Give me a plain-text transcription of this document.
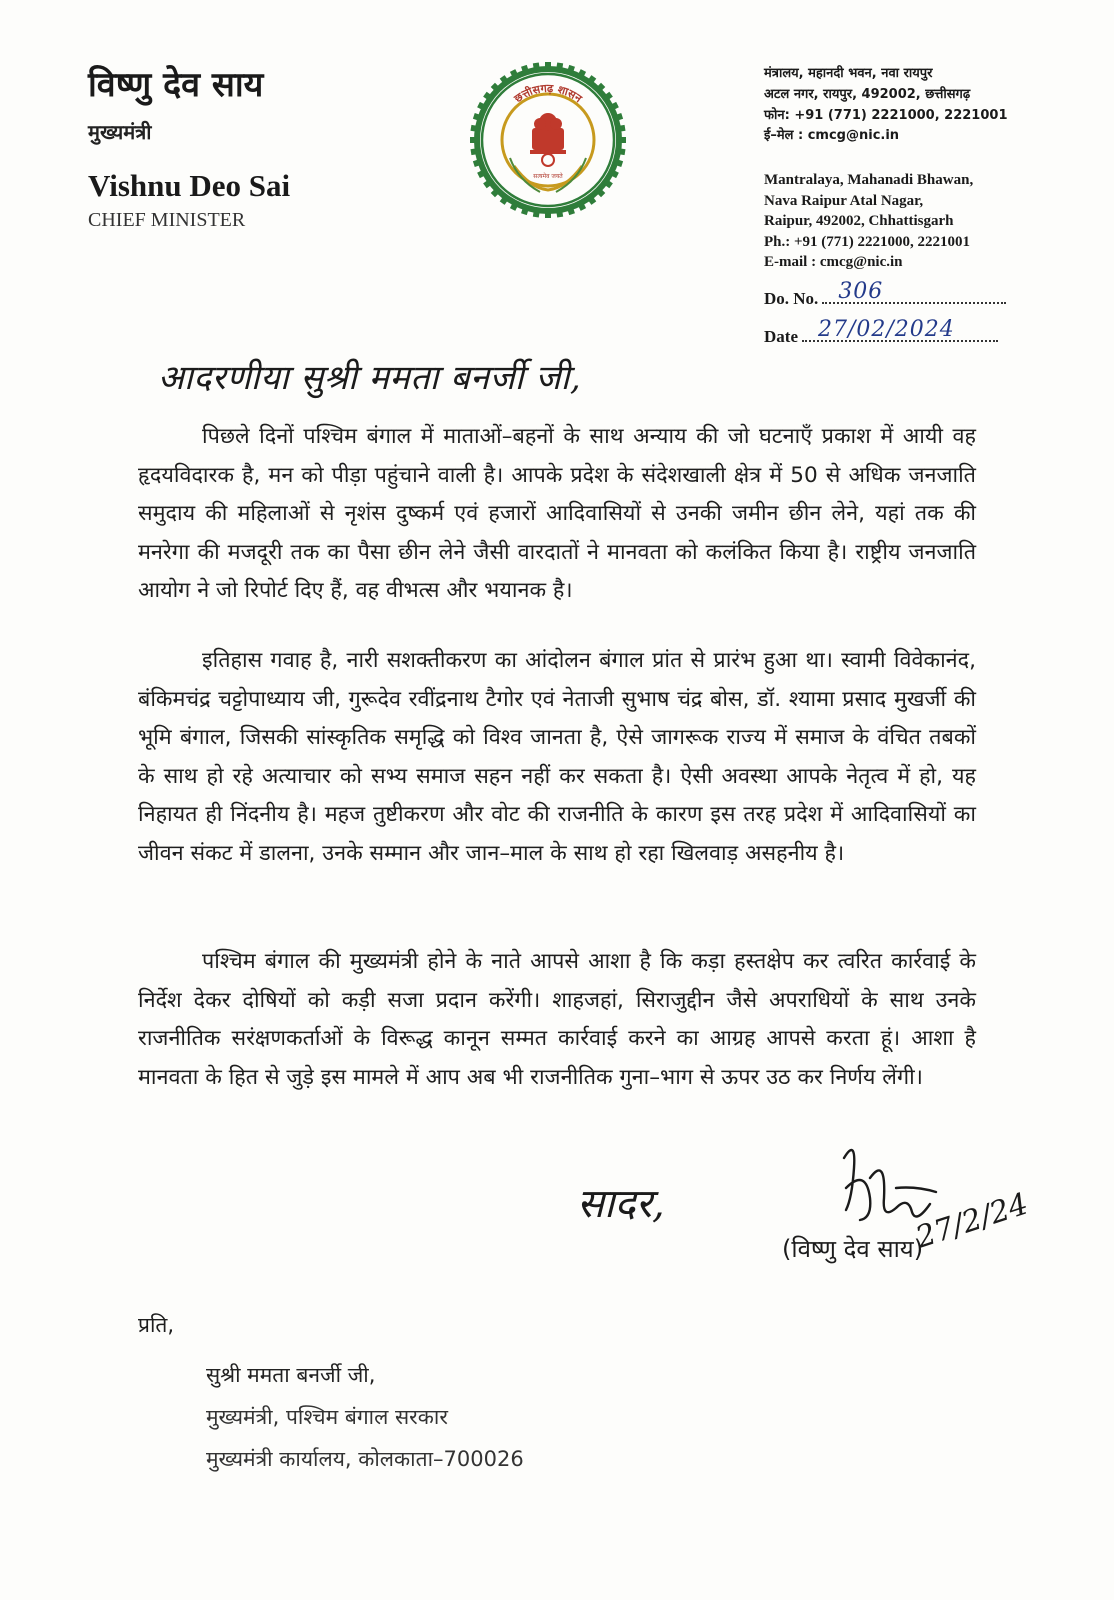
विष्णु देव साय
मुख्यमंत्री
Vishnu Deo Sai
CHIEF MINISTER
छत्तीसगढ़ शासन
सत्यमेव जयते
मंत्रालय, महानदी भवन, नवा रायपुर
अटल नगर, रायपुर, 492002, छत्तीसगढ़
फोन: +91 (771) 2221000, 2221001
ई–मेल : cmcg@nic.in
Mantralaya, Mahanadi Bhawan,
Nava Raipur Atal Nagar,
Raipur, 492002, Chhattisgarh
Ph.: +91 (771) 2221000, 2221001
E-mail : cmcg@nic.in
Do. No. 306
Date 27/02/2024
आदरणीया सुश्री ममता बनर्जी जी,
पिछले दिनों पश्चिम बंगाल में माताओं–बहनों के साथ अन्याय की जो घटनाएँ प्रकाश में आयी वह हृदयविदारक है, मन को पीड़ा पहुंचाने वाली है। आपके प्रदेश के संदेशखाली क्षेत्र में 50 से अधिक जनजाति समुदाय की महिलाओं से नृशंस दुष्कर्म एवं हजारों आदिवासियों से उनकी जमीन छीन लेने, यहां तक की मनरेगा की मजदूरी तक का पैसा छीन लेने जैसी वारदातों ने मानवता को कलंकित किया है। राष्ट्रीय जनजाति आयोग ने जो रिपोर्ट दिए हैं, वह वीभत्स और भयानक है।
इतिहास गवाह है, नारी सशक्तीकरण का आंदोलन बंगाल प्रांत से प्रारंभ हुआ था। स्वामी विवेकानंद, बंकिमचंद्र चट्टोपाध्याय जी, गुरूदेव रवींद्रनाथ टैगोर एवं नेताजी सुभाष चंद्र बोस, डॉ. श्यामा प्रसाद मुखर्जी की भूमि बंगाल, जिसकी सांस्कृतिक समृद्धि को विश्व जानता है, ऐसे जागरूक राज्य में समाज के वंचित तबकों के साथ हो रहे अत्याचार को सभ्य समाज सहन नहीं कर सकता है। ऐसी अवस्था आपके नेतृत्व में हो, यह निहायत ही निंदनीय है। महज तुष्टीकरण और वोट की राजनीति के कारण इस तरह प्रदेश में आदिवासियों का जीवन संकट में डालना, उनके सम्मान और जान–माल के साथ हो रहा खिलवाड़ असहनीय है।
पश्चिम बंगाल की मुख्यमंत्री होने के नाते आपसे आशा है कि कड़ा हस्तक्षेप कर त्वरित कार्रवाई के निर्देश देकर दोषियों को कड़ी सजा प्रदान करेंगी। शाहजहां, सिराजुद्दीन जैसे अपराधियों के साथ उनके राजनीतिक सरंक्षणकर्ताओं के विरूद्ध कानून सम्मत कार्रवाई करने का आग्रह आपसे करता हूं। आशा है मानवता के हित से जुड़े इस मामले में आप अब भी राजनीतिक गुना–भाग से ऊपर उठ कर निर्णय लेंगी।
सादर,	27/2/24
(विष्णु देव साय)
प्रति,
सुश्री ममता बनर्जी जी,
मुख्यमंत्री, पश्चिम बंगाल सरकार
मुख्यमंत्री कार्यालय, कोलकाता–700026
